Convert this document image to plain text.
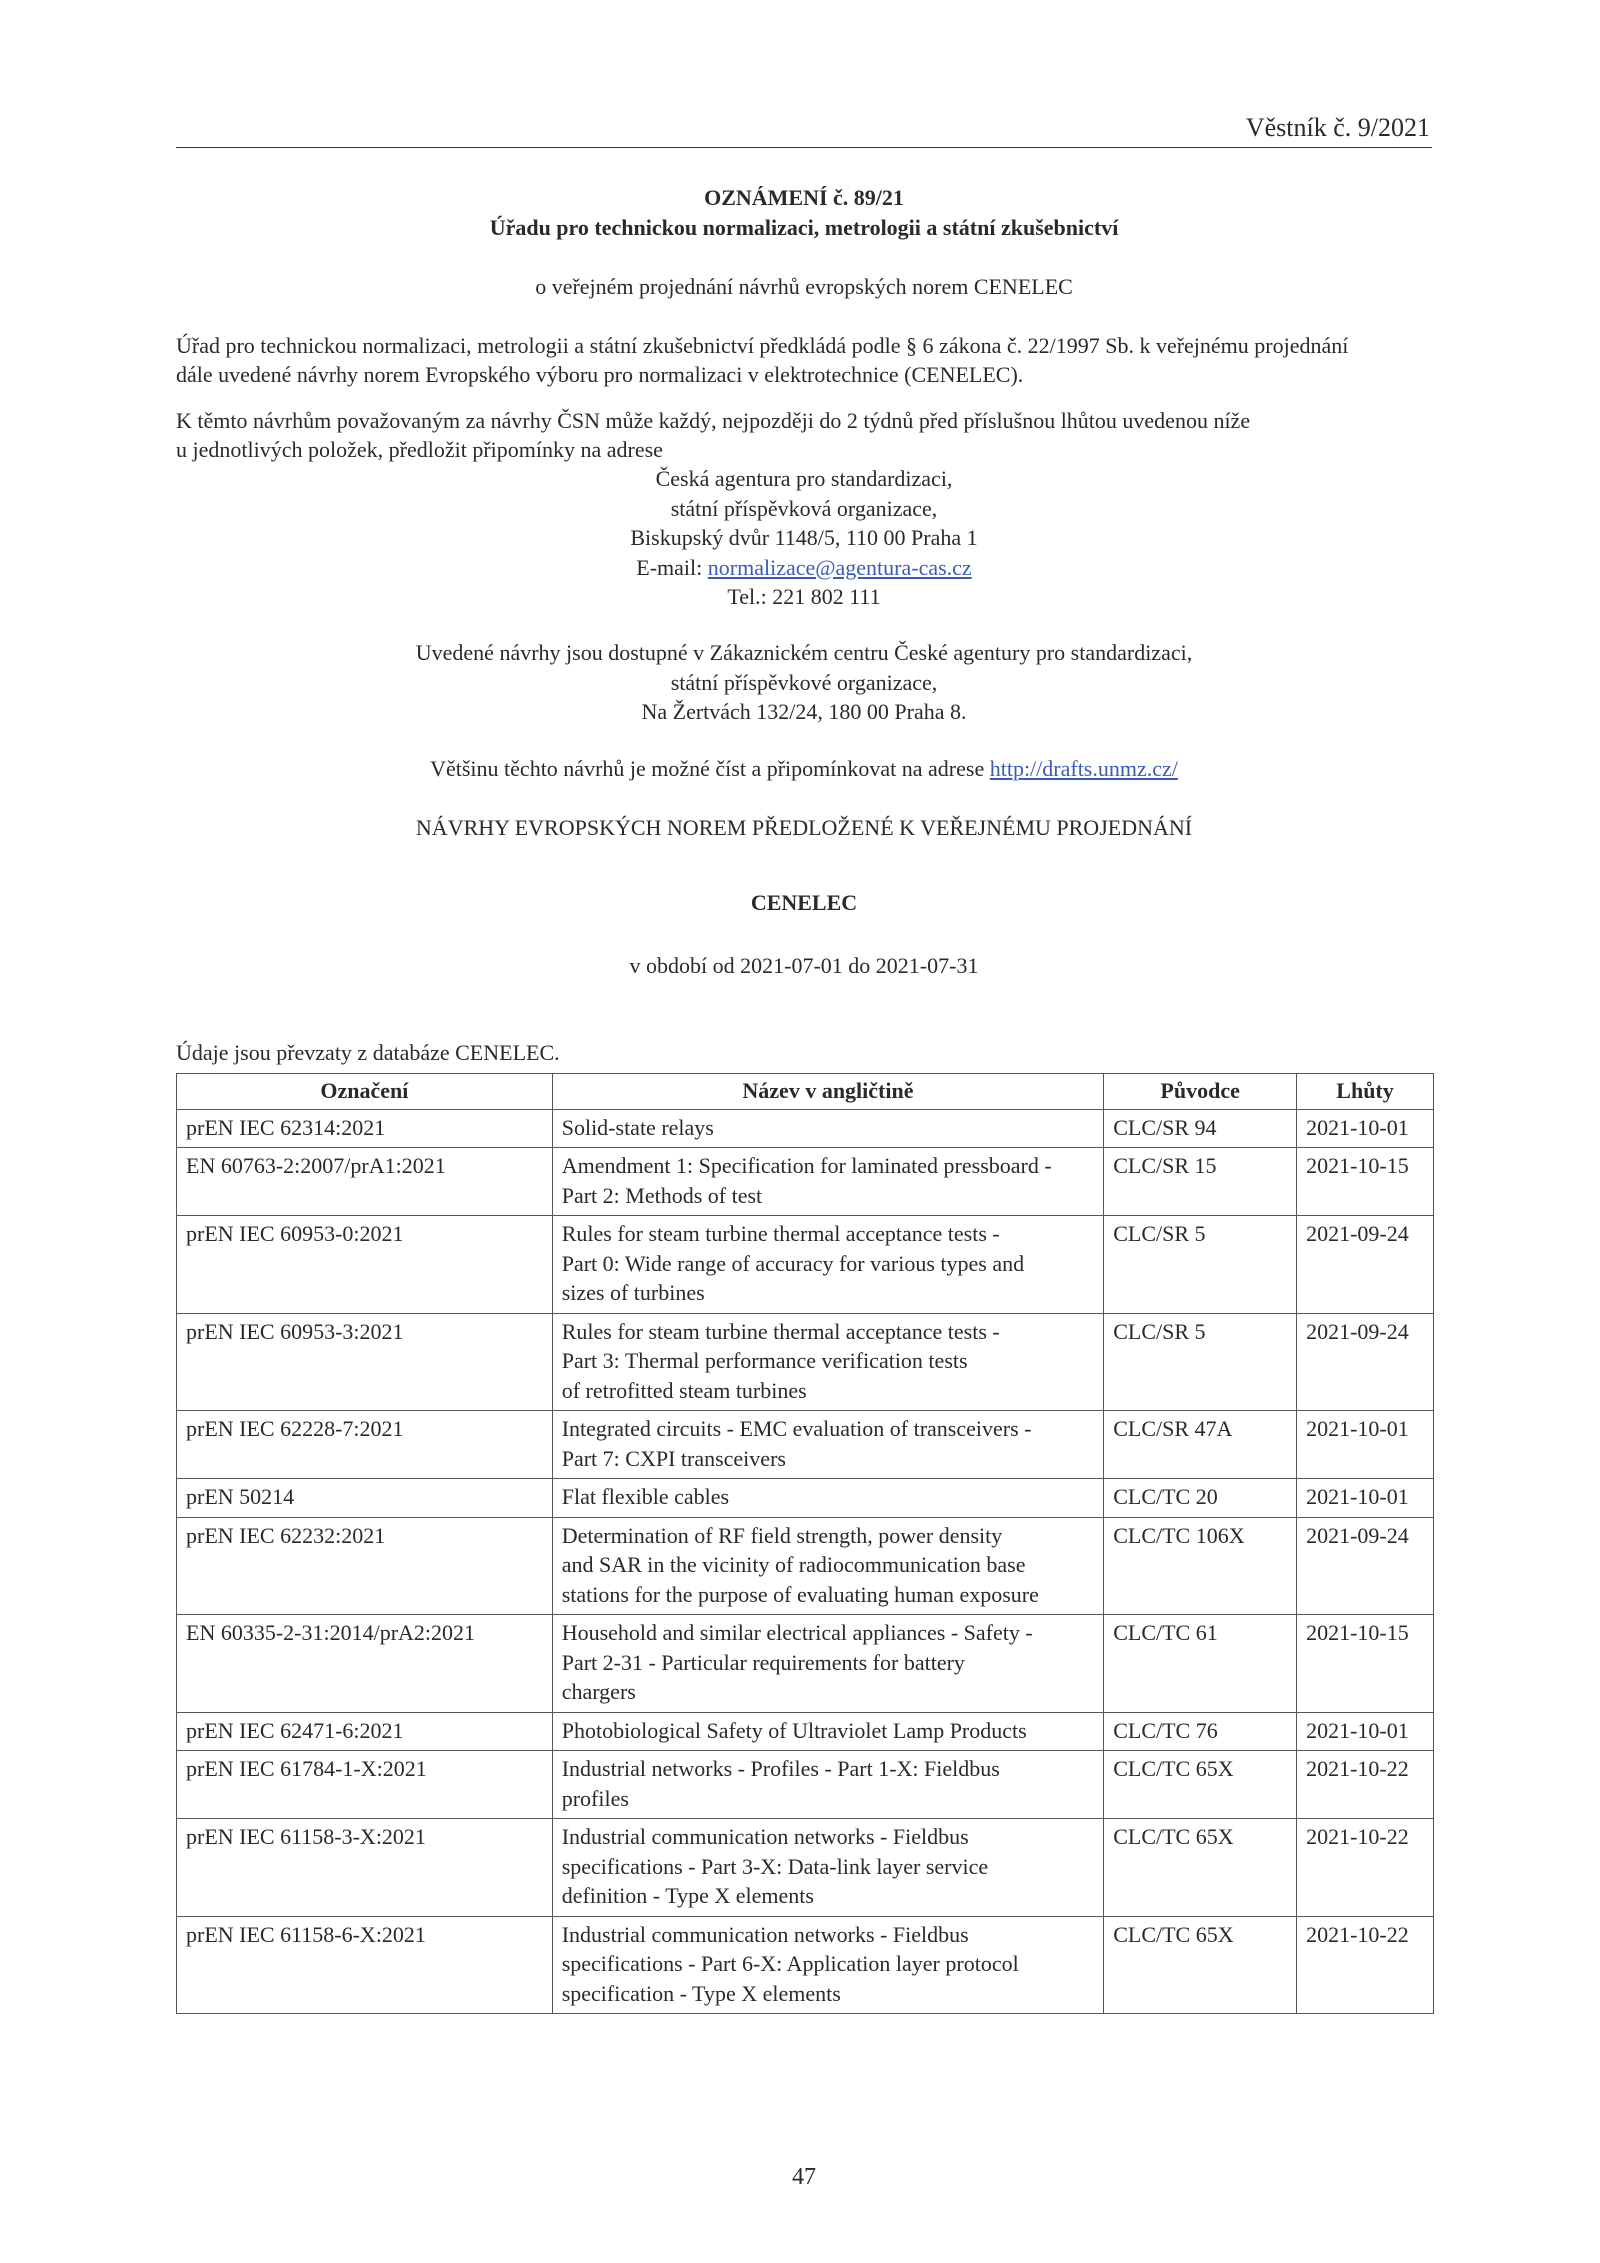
Věstník č. 9/2021
OZNÁMENÍ č. 89/21
Úřadu pro technickou normalizaci, metrologii a státní zkušebnictví
o veřejném projednání návrhů evropských norem CENELEC
Úřad pro technickou normalizaci, metrologii a státní zkušebnictví předkládá podle § 6 zákona č. 22/1997 Sb. k veřejnému projednání
dále uvedené návrhy norem Evropského výboru pro normalizaci v elektrotechnice (CENELEC).
K těmto návrhům považovaným za návrhy ČSN může každý, nejpozději do 2 týdnů před příslušnou lhůtou uvedenou níže
u jednotlivých položek, předložit připomínky na adrese
Česká agentura pro standardizaci,
státní příspěvková organizace,
Biskupský dvůr 1148/5, 110 00 Praha 1
E-mail: normalizace@agentura-cas.cz
Tel.: 221 802 111
Uvedené návrhy jsou dostupné v Zákaznickém centru České agentury pro standardizaci,
státní příspěvkové organizace,
Na Žertvách 132/24, 180 00 Praha 8.
Většinu těchto návrhů je možné číst a připomínkovat na adrese http://drafts.unmz.cz/
NÁVRHY EVROPSKÝCH NOREM PŘEDLOŽENÉ K VEŘEJNÉMU PROJEDNÁNÍ
CENELEC
v období od 2021-07-01 do 2021-07-31
Údaje jsou převzaty z databáze CENELEC.
Označení	Název v angličtině	Původce	Lhůty
prEN IEC 62314:2021	Solid-state relays	CLC/SR 94	2021-10-01
EN 60763-2:2007/prA1:2021	Amendment 1: Specification for laminated pressboard -
Part 2: Methods of test	CLC/SR 15	2021-10-15
prEN IEC 60953-0:2021	Rules for steam turbine thermal acceptance tests -
Part 0: Wide range of accuracy for various types and
sizes of turbines	CLC/SR 5	2021-09-24
prEN IEC 60953-3:2021	Rules for steam turbine thermal acceptance tests -
Part 3: Thermal performance verification tests
of retrofitted steam turbines	CLC/SR 5	2021-09-24
prEN IEC 62228-7:2021	Integrated circuits - EMC evaluation of transceivers -
Part 7: CXPI transceivers	CLC/SR 47A	2021-10-01
prEN 50214	Flat flexible cables	CLC/TC 20	2021-10-01
prEN IEC 62232:2021	Determination of RF field strength, power density
and SAR in the vicinity of radiocommunication base
stations for the purpose of evaluating human exposure	CLC/TC 106X	2021-09-24
EN 60335-2-31:2014/prA2:2021	Household and similar electrical appliances - Safety -
Part 2-31 - Particular requirements for battery
chargers	CLC/TC 61	2021-10-15
prEN IEC 62471-6:2021	Photobiological Safety of Ultraviolet Lamp Products	CLC/TC 76	2021-10-01
prEN IEC 61784-1-X:2021	Industrial networks - Profiles - Part 1-X: Fieldbus
profiles	CLC/TC 65X	2021-10-22
prEN IEC 61158-3-X:2021	Industrial communication networks - Fieldbus
specifications - Part 3-X: Data-link layer service
definition - Type X elements	CLC/TC 65X	2021-10-22
prEN IEC 61158-6-X:2021	Industrial communication networks - Fieldbus
specifications - Part 6-X: Application layer protocol
specification - Type X elements	CLC/TC 65X	2021-10-22
47
